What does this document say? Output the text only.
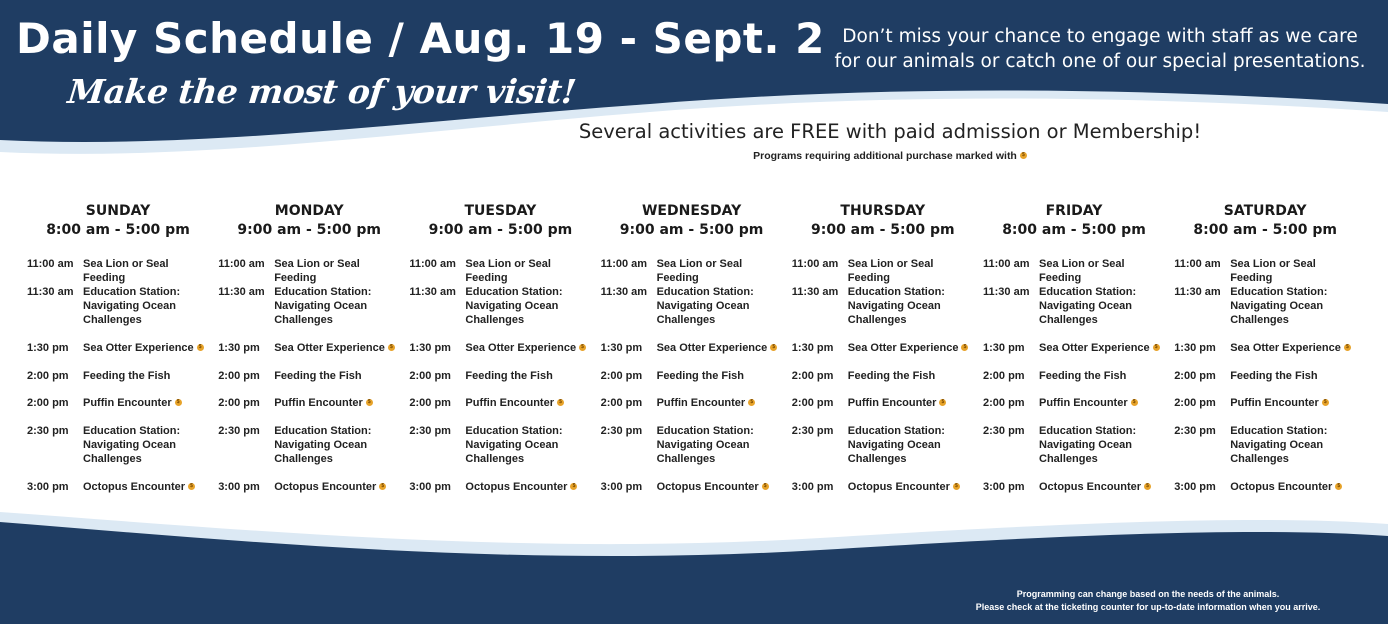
Daily Schedule / Aug. 19 - Sept. 2
Make the most of your visit!
Don’t miss your chance to engage with staff as we care
for our animals or catch one of our special presentations.
Several activities are FREE with paid admission or Membership!
Programs requiring additional purchase marked with $
SUNDAY
8:00 am - 5:00 pm
11:00 am Sea Lion or Seal Feeding
11:30 am Education Station: Navigating Ocean Challenges
1:30 pm	Sea Otter Experience $
2:00 pm	Feeding the Fish
2:00 pm	Puffin Encounter $
2:30 pm	Education Station: Navigating Ocean Challenges
3:00 pm	Octopus Encounter $
MONDAY
9:00 am - 5:00 pm
11:00 am Sea Lion or Seal Feeding
11:30 am Education Station: Navigating Ocean Challenges
1:30 pm	Sea Otter Experience $
2:00 pm	Feeding the Fish
2:00 pm	Puffin Encounter $
2:30 pm	Education Station: Navigating Ocean Challenges
3:00 pm	Octopus Encounter $
TUESDAY
9:00 am - 5:00 pm
11:00 am Sea Lion or Seal Feeding
11:30 am Education Station: Navigating Ocean Challenges
1:30 pm	Sea Otter Experience $
2:00 pm	Feeding the Fish
2:00 pm	Puffin Encounter $
2:30 pm	Education Station: Navigating Ocean Challenges
3:00 pm	Octopus Encounter $
WEDNESDAY
9:00 am - 5:00 pm
11:00 am Sea Lion or Seal Feeding
11:30 am Education Station: Navigating Ocean Challenges
1:30 pm	Sea Otter Experience $
2:00 pm	Feeding the Fish
2:00 pm	Puffin Encounter $
2:30 pm	Education Station: Navigating Ocean Challenges
3:00 pm	Octopus Encounter $
THURSDAY
9:00 am - 5:00 pm
11:00 am Sea Lion or Seal Feeding
11:30 am Education Station: Navigating Ocean Challenges
1:30 pm	Sea Otter Experience $
2:00 pm	Feeding the Fish
2:00 pm	Puffin Encounter $
2:30 pm	Education Station: Navigating Ocean Challenges
3:00 pm	Octopus Encounter $
FRIDAY
8:00 am - 5:00 pm
11:00 am Sea Lion or Seal Feeding
11:30 am Education Station: Navigating Ocean Challenges
1:30 pm	Sea Otter Experience $
2:00 pm	Feeding the Fish
2:00 pm	Puffin Encounter $
2:30 pm	Education Station: Navigating Ocean Challenges
3:00 pm	Octopus Encounter $
SATURDAY
8:00 am - 5:00 pm
11:00 am Sea Lion or Seal Feeding
11:30 am Education Station: Navigating Ocean Challenges
1:30 pm	Sea Otter Experience $
2:00 pm	Feeding the Fish
2:00 pm	Puffin Encounter $
2:30 pm	Education Station: Navigating Ocean Challenges
3:00 pm	Octopus Encounter $
Programming can change based on the needs of the animals.
Please check at the ticketing counter for up-to-date information when you arrive.
